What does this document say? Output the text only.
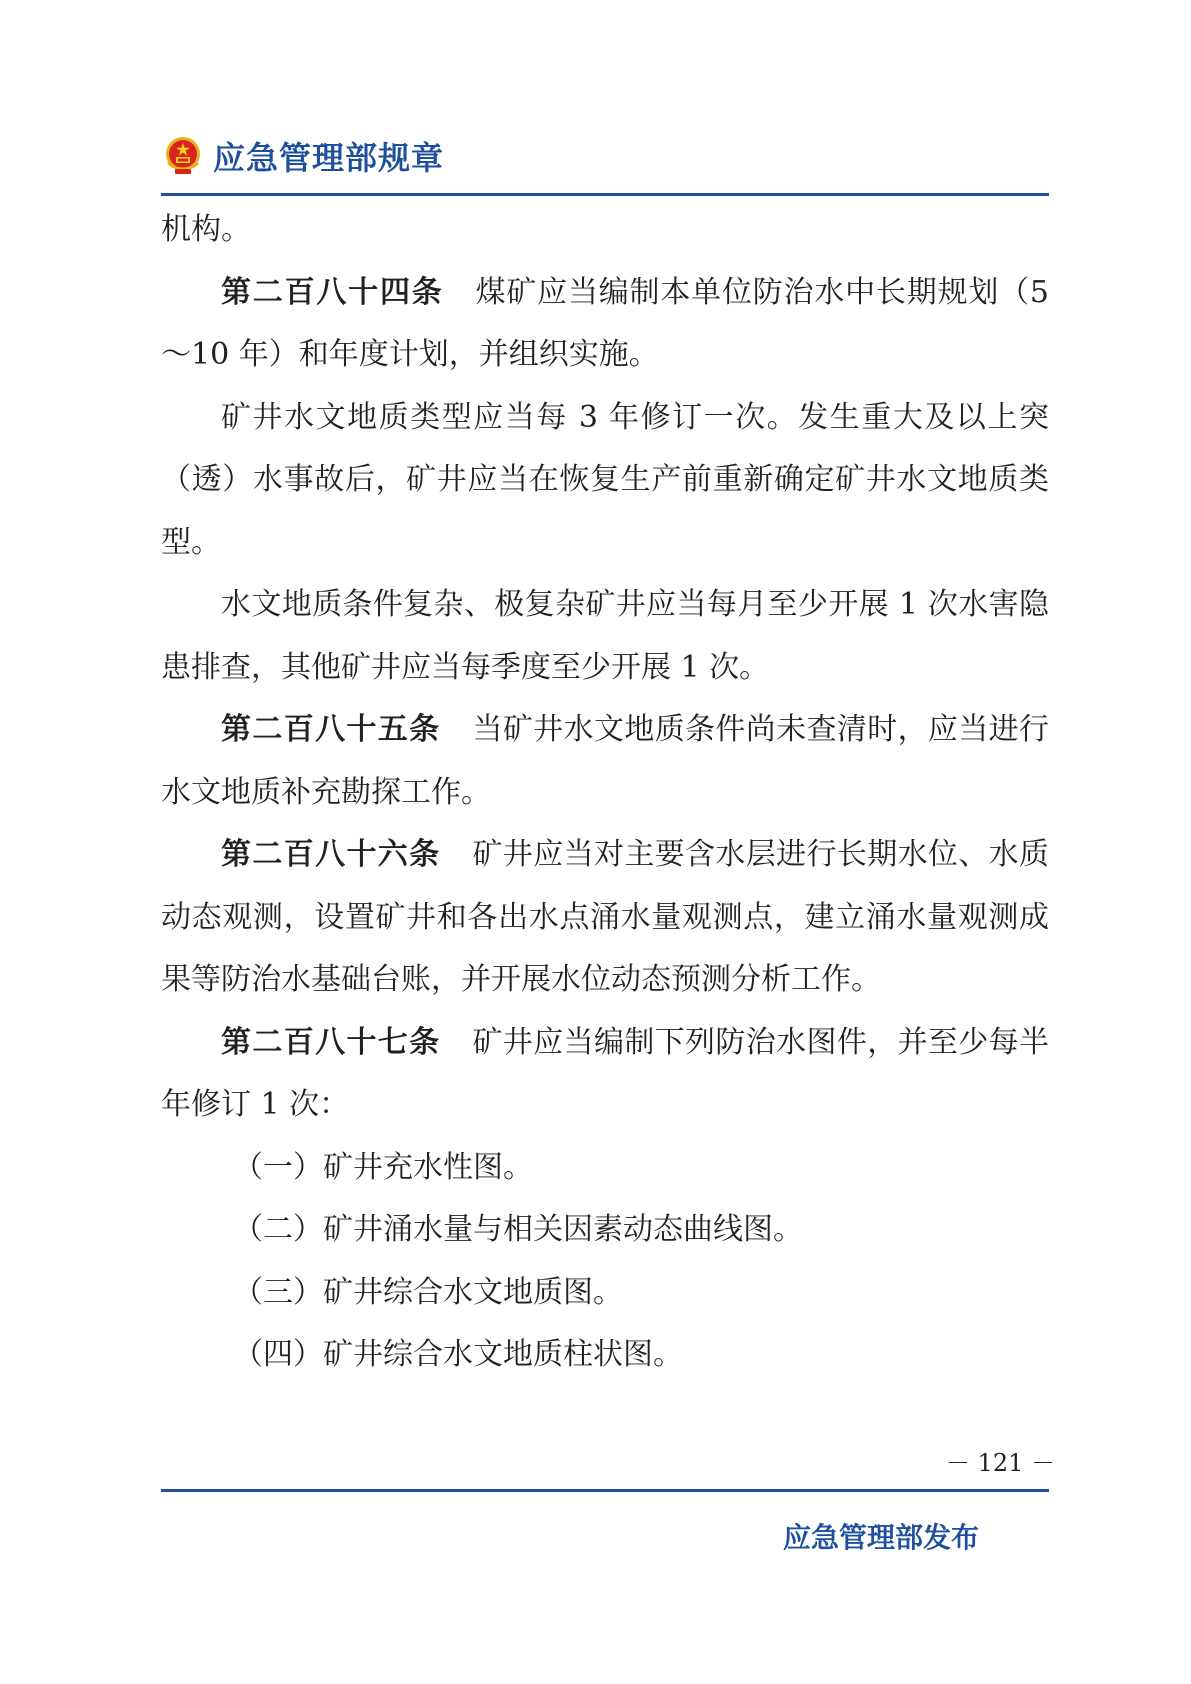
应急管理部规章

机构。

第二百八十四条 煤矿应当编制本单位防治水中长期规划（5～10 年）和年度计划，并组织实施。

矿井水文地质类型应当每 3 年修订一次。发生重大及以上突（透）水事故后，矿井应当在恢复生产前重新确定矿井水文地质类型。

水文地质条件复杂、极复杂矿井应当每月至少开展 1 次水害隐患排查，其他矿井应当每季度至少开展 1 次。

第二百八十五条 当矿井水文地质条件尚未查清时，应当进行水文地质补充勘探工作。

第二百八十六条 矿井应当对主要含水层进行长期水位、水质动态观测，设置矿井和各出水点涌水量观测点，建立涌水量观测成果等防治水基础台账，并开展水位动态预测分析工作。

第二百八十七条 矿井应当编制下列防治水图件，并至少每半年修订 1 次：

（一）矿井充水性图。

（二）矿井涌水量与相关因素动态曲线图。

（三）矿井综合水文地质图。

（四）矿井综合水文地质柱状图。

－ 121 －
应急管理部发布
